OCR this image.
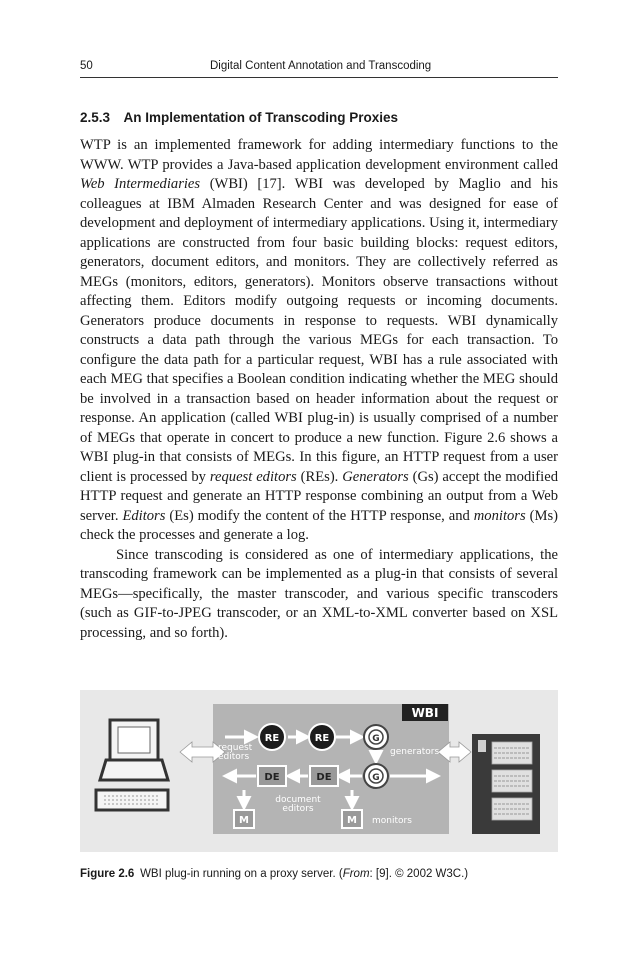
50	Digital Content Annotation and Transcoding
2.5.3 An Implementation of Transcoding Proxies

WTP is an implemented framework for adding intermediary functions to the WWW. WTP provides a Java-based application development environment called Web Intermediaries (WBI) [17]. WBI was developed by Maglio and his colleagues at IBM Almaden Research Center and was designed for ease of development and deployment of intermediary applications. Using it, intermediary applications are constructed from four basic building blocks: request editors, generators, document editors, and monitors. They are collectively referred as MEGs (monitors, editors, generators). Monitors observe transactions without affecting them. Editors modify outgoing requests or incoming documents. Generators produce documents in response to requests. WBI dynamically constructs a data path through the various MEGs for each transaction. To configure the data path for a particular request, WBI has a rule associated with each MEG that specifies a Boolean condition indicating whether the MEG should be involved in a transaction based on header information about the request or response. An application (called WBI plug-in) is usually comprised of a number of MEGs that operate in concert to produce a new function. Figure 2.6 shows a WBI plug-in that consists of MEGs. In this figure, an HTTP request from a user client is processed by request editors (REs). Generators (Gs) accept the modified HTTP request and generate an HTTP response combining an output from a Web server. Editors (Es) modify the content of the HTTP response, and monitors (Ms) check the processes and generate a log.

Since transcoding is considered as one of intermediary applications, the transcoding framework can be implemented as a plug-in that consists of several MEGs—specifically, the master transcoder, and various specific transcoders (such as GIF-to-JPEG transcoder, or an XML-to-XML converter based on XSL processing, and so forth).

WBI
RE	RE	G
G
DE	DE
M	M
request
editors	generators
document
editors
monitors
Figure 2.6 WBI plug-in running on a proxy server. (From: [9]. © 2002 W3C.)
